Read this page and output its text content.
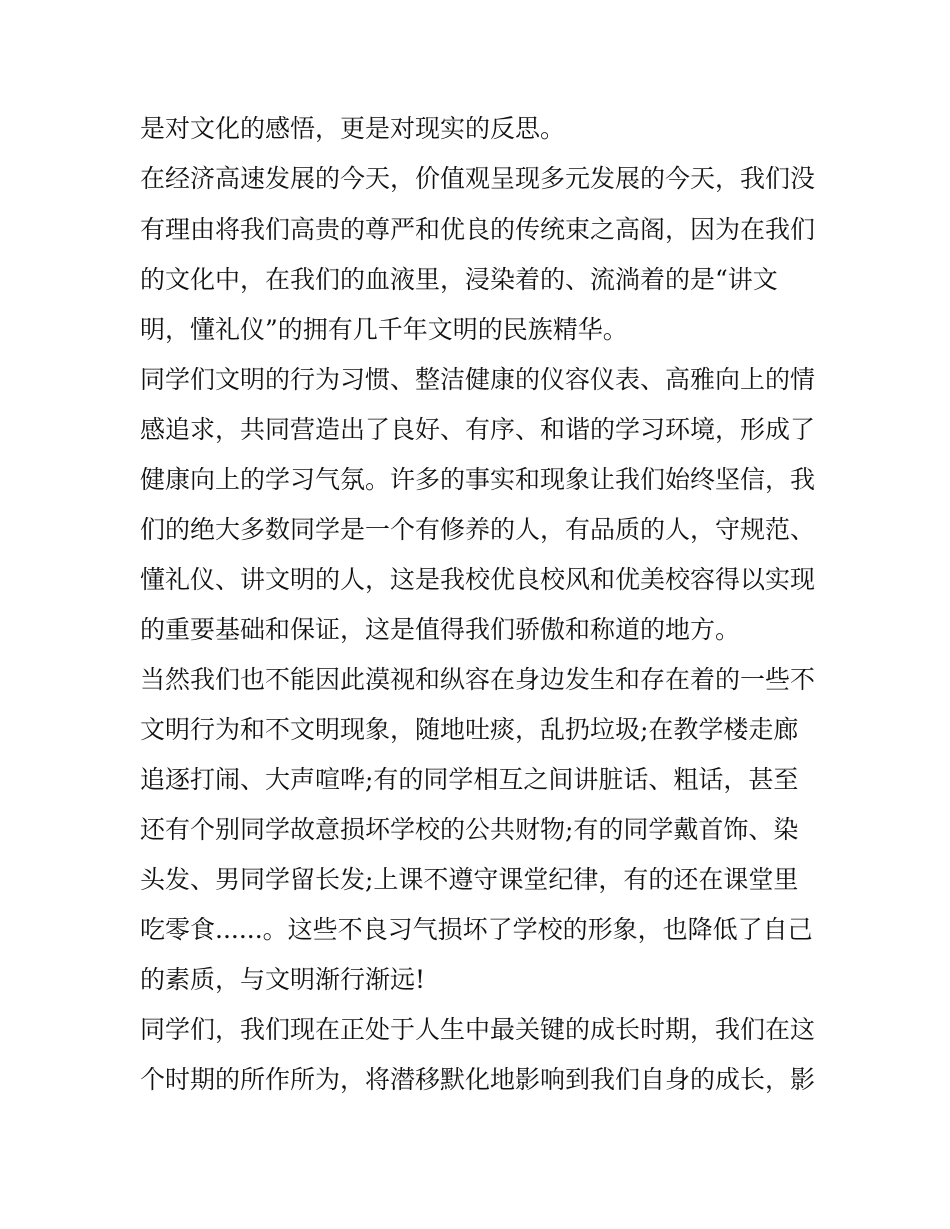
是对文化的感悟，更是对现实的反思。
在经济高速发展的今天，价值观呈现多元发展的今天，我们没
有理由将我们高贵的尊严和优良的传统束之高阁，因为在我们
的文化中，在我们的血液里，浸染着的、流淌着的是“讲文
明，懂礼仪”的拥有几千年文明的民族精华。
同学们文明的行为习惯、整洁健康的仪容仪表、高雅向上的情
感追求，共同营造出了良好、有序、和谐的学习环境，形成了
健康向上的学习气氛。许多的事实和现象让我们始终坚信，我
们的绝大多数同学是一个有修养的人，有品质的人，守规范、
懂礼仪、讲文明的人，这是我校优良校风和优美校容得以实现
的重要基础和保证，这是值得我们骄傲和称道的地方。
当然我们也不能因此漠视和纵容在身边发生和存在着的一些不
文明行为和不文明现象，随地吐痰，乱扔垃圾;在教学楼走廊
追逐打闹、大声喧哗;有的同学相互之间讲脏话、粗话，甚至
还有个别同学故意损坏学校的公共财物;有的同学戴首饰、染
头发、男同学留长发;上课不遵守课堂纪律，有的还在课堂里
吃零食......。这些不良习气损坏了学校的形象，也降低了自己
的素质，与文明渐行渐远!
同学们，我们现在正处于人生中最关键的成长时期，我们在这
个时期的所作所为，将潜移默化地影响到我们自身的成长，影
